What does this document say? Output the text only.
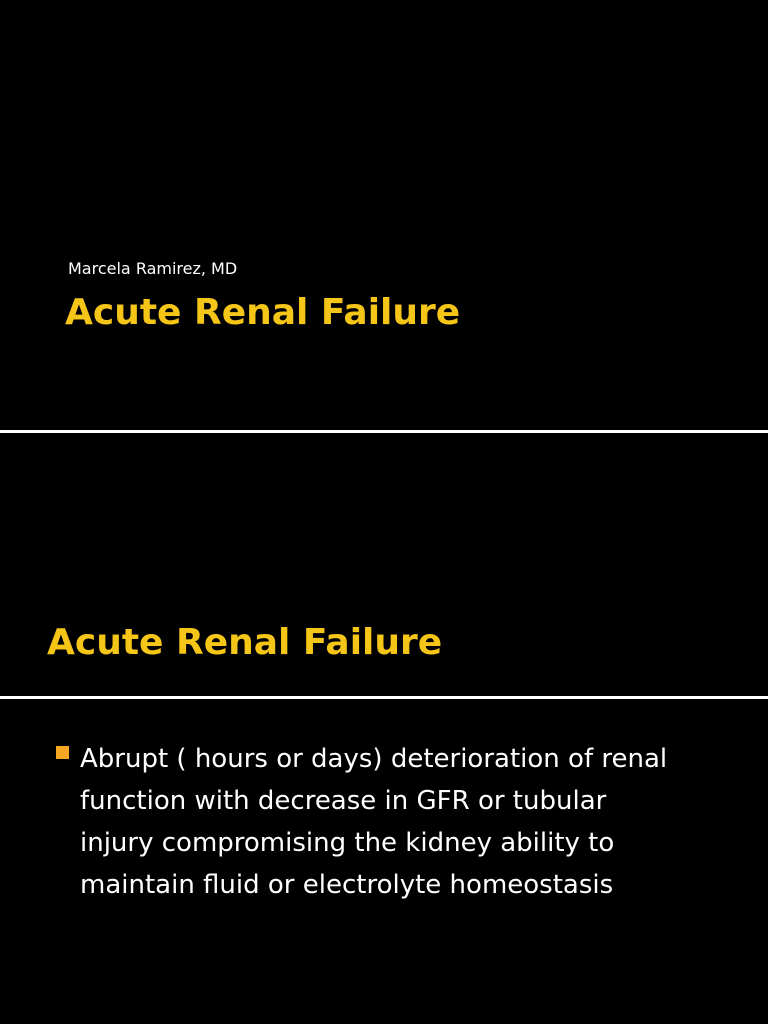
Marcela Ramirez, MD
Acute Renal Failure
Acute Renal Failure
Abrupt ( hours or days) deterioration of renal
function with decrease in GFR or tubular
injury compromising the kidney ability to
maintain fluid or electrolyte homeostasis
